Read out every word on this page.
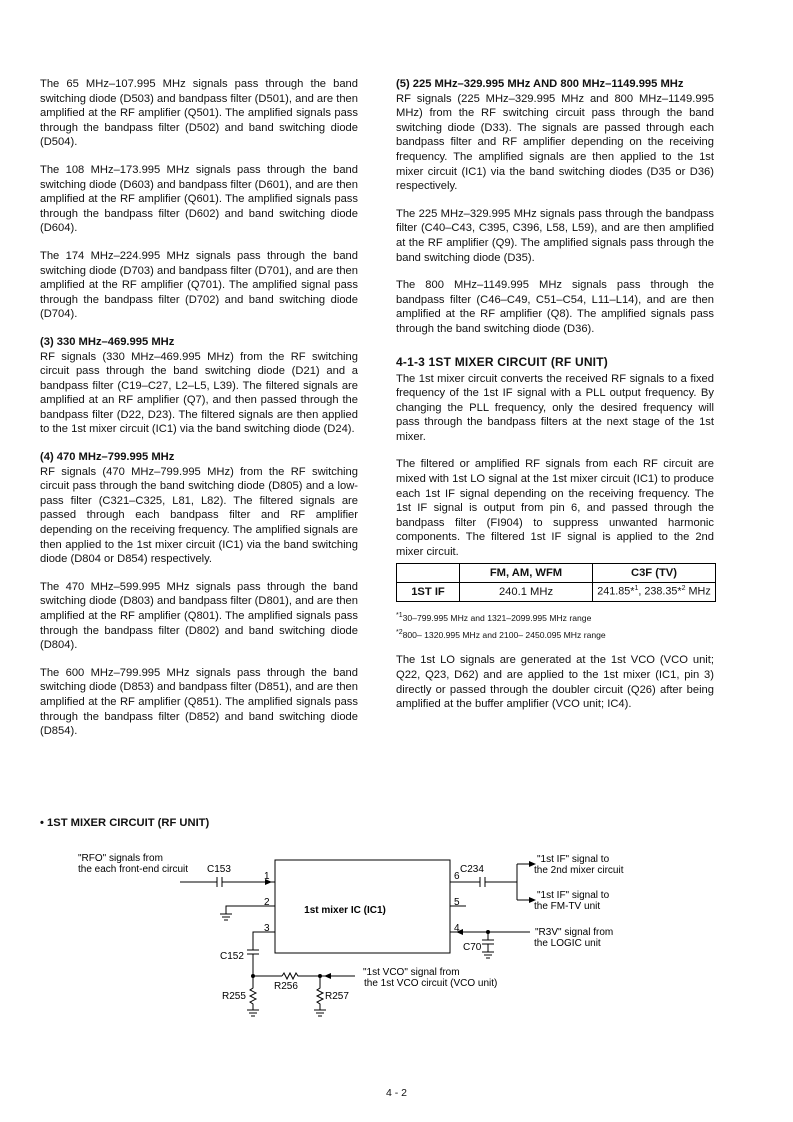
The 65 MHz–107.995 MHz signals pass through the band switching diode (D503) and bandpass filter (D501), and are then amplified at the RF amplifier (Q501). The amplified signals pass through the bandpass filter (D502) and band switching diode (D504).

The 108 MHz–173.995 MHz signals pass through the band switching diode (D603) and bandpass filter (D601), and are then amplified at the RF amplifier (Q601). The amplified signals pass through the bandpass filter (D602) and band switching diode (D604).

The 174 MHz–224.995 MHz signals pass through the band switching diode (D703) and bandpass filter (D701), and are then amplified at the RF amplifier (Q701). The amplified signal pass through the bandpass filter (D702) and band switching diode (D704).

(3) 330 MHz–469.995 MHz

RF signals (330 MHz–469.995 MHz) from the RF switching circuit pass through the band switching diode (D21) and a bandpass filter (C19–C27, L2–L5, L39). The filtered signals are amplified at an RF amplifier (Q7), and then passed through the bandpass filter (D22, D23). The filtered signals are then applied to the 1st mixer circuit (IC1) via the band switching diode (D24).

(4) 470 MHz–799.995 MHz

RF signals (470 MHz–799.995 MHz) from the RF switching circuit pass through the band switching diode (D805) and a low-pass filter (C321–C325, L81, L82). The filtered signals are passed through each bandpass filter and RF amplifier depending on the receiving frequency. The amplified signals are then applied to the 1st mixer circuit (IC1) via the band switching diode (D804 or D854) respectively.

The 470 MHz–599.995 MHz signals pass through the band switching diode (D803) and bandpass filter (D801), and are then amplified at the RF amplifier (Q801). The amplified signals pass through the bandpass filter (D802) and band switching diode (D804).

The 600 MHz–799.995 MHz signals pass through the band switching diode (D853) and bandpass filter (D851), and are then amplified at the RF amplifier (Q851). The amplified signals pass through the bandpass filter (D852) and band switching diode (D854).

(5) 225 MHz–329.995 MHz AND 800 MHz–1149.995 MHz

RF signals (225 MHz–329.995 MHz and 800 MHz–1149.995 MHz) from the RF switching circuit pass through the band switching diode (D33). The signals are passed through each bandpass filter and RF amplifier depending on the receiving frequency. The amplified signals are then applied to the 1st mixer circuit (IC1) via the band switching diodes (D35 or D36) respectively.

The 225 MHz–329.995 MHz signals pass through the bandpass filter (C40–C43, C395, C396, L58, L59), and are then amplified at the RF amplifier (Q9). The amplified signals pass through the band switching diode (D35).

The 800 MHz–1149.995 MHz signals pass through the bandpass filter (C46–C49, C51–C54, L11–L14), and are then amplified at the RF amplifier (Q8). The amplified signals pass through the band switching diode (D36).

4-1-3 1ST MIXER CIRCUIT (RF UNIT)

The 1st mixer circuit converts the received RF signals to a fixed frequency of the 1st IF signal with a PLL output frequency. By changing the PLL frequency, only the desired frequency will pass through the bandpass filters at the next stage of the 1st mixer.

The filtered or amplified RF signals from each RF circuit are mixed with 1st LO signal at the 1st mixer circuit (IC1) to produce each 1st IF signal depending on the receiving frequency. The 1st IF signal is output from pin 6, and passed through the bandpass filter (FI904) to suppress unwanted harmonic components. The filtered 1st IF signal is applied to the 2nd mixer circuit.

	FM, AM, WFM	C3F (TV)
1ST IF	240.1 MHz	241.85*$^1$, 238.35*$^2$ MHz

$^{*1}$30–799.995 MHz and 1321–2099.995 MHz range

$^{*2}$800– 1320.995 MHz and 2100– 2450.095 MHz range

The 1st LO signals are generated at the 1st VCO (VCO unit; Q22, Q23, D62) and are applied to the 1st mixer (IC1, pin 3) directly or passed through the doubler circuit (Q26) after being amplified at the buffer amplifier (VCO unit; IC4).

• 1ST MIXER CIRCUIT (RF UNIT)

1st mixer IC (IC1)
"RFO" signals from
the each front-end circuit C153
1
2
3
6
5
4
C234
C152
C70
R255
R256
R257
"1st IF" signal to
the 2nd mixer circuit
"1st IF" signal to
the FM-TV unit
"R3V" signal from
the LOGIC unit
"1st VCO" signal from
the 1st VCO circuit (VCO unit)
4 - 2
